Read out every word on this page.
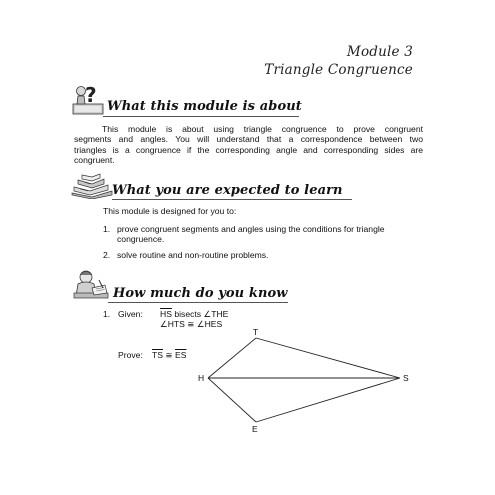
Module 3
Triangle Congruence
? What this module is about
This module is about using triangle congruence to prove congruent
segments and angles. You will understand that a correspondence between two
triangles is a congruence if the corresponding angle and corresponding sides are
congruent.
What you are expected to learn
This module is designed for you to:
1. prove congruent segments and angles using the conditions for triangle
congruence.
2. solve routine and non-routine problems.
How much do you know
1. Given: $\overline{HS}$ bisects ∠THE
∠HTS ≅ ∠HES
Prove: $\overline{TS}$ ≅ $\overline{ES}$
T
H	S
E
